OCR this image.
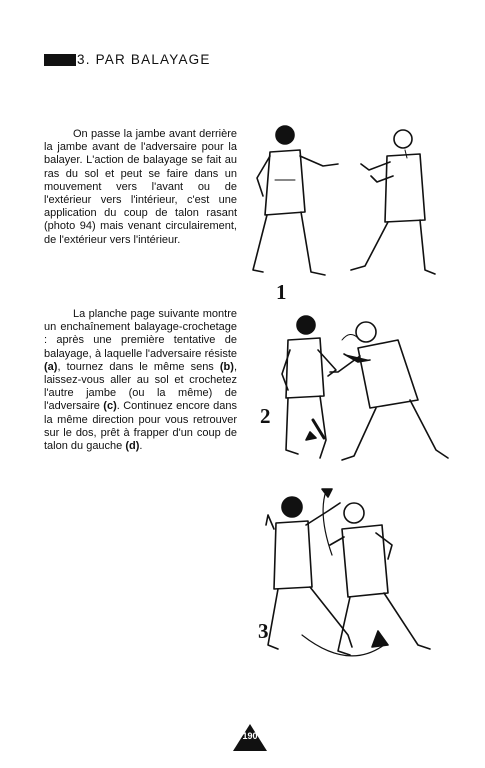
3. PAR BALAYAGE

On passe la jambe avant derrière la jambe avant de l'adversaire pour la balayer. L'action de balayage se fait au ras du sol et peut se faire dans un mouvement vers l'avant ou de l'extérieur vers l'intérieur, c'est une application du coup de talon rasant (photo 94) mais venant circulairement, de l'extérieur vers l'intérieur.

La planche page suivante montre un enchaînement balayage-crochetage : après une première tentative de balayage, à laquelle l'adversaire résiste (a), tournez dans le même sens (b), laissez-vous aller au sol et crochetez l'autre jambe (ou la même) de l'adversaire (c). Continuez encore dans la même direction pour vous retrouver sur le dos, prêt à frapper d'un coup de talon du gauche (d).

1
2
3
190
